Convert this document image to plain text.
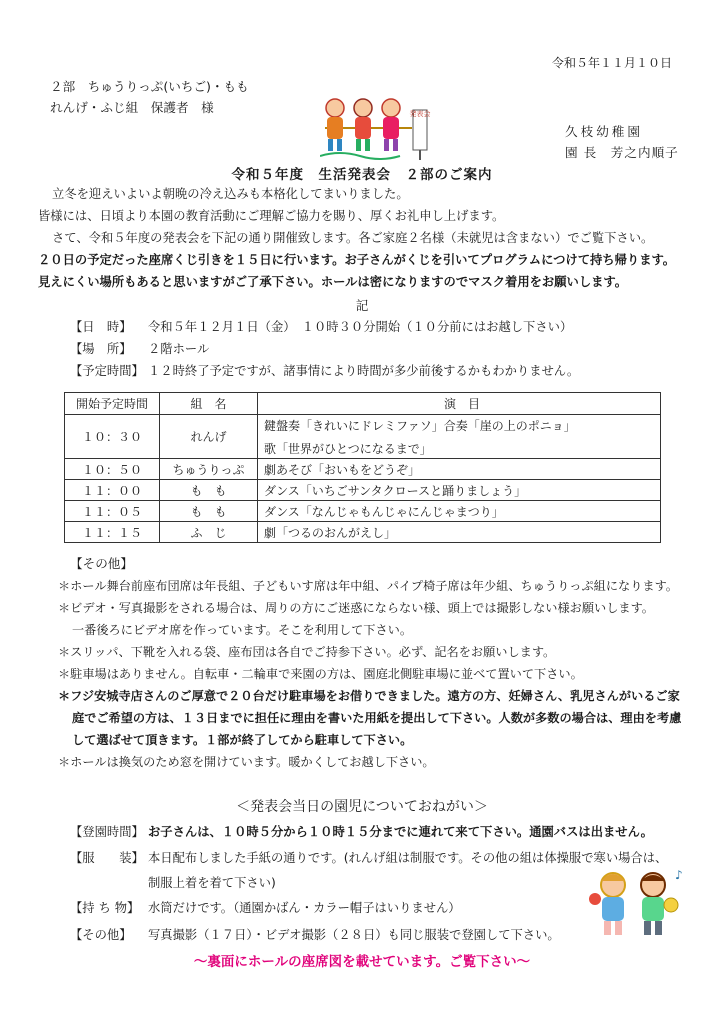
令和５年１１月１０日
２部　ちゅうりっぷ(いちご)・もも
れんげ・ふじ組　保護者　様	発表会
久枝幼稚園
園 長　芳之内順子
令和５年度　生活発表会　２部のご案内
立冬を迎えいよいよ朝晩の冷え込みも本格化してまいりました。
皆様には、日頃より本園の教育活動にご理解ご協力を賜り、厚くお礼申し上げます。
さて、令和５年度の発表会を下記の通り開催致します。各ご家庭２名様（未就児は含まない）でご覧下さい。
２０日の予定だった座席くじ引きを１５日に行います。お子さんがくじを引いてプログラムにつけて持ち帰ります。
見えにくい場所もあると思いますがご了承下さい。ホールは密になりますのでマスク着用をお願いします。
記
【日　時】 令和５年１２月１日（金）　１０時３０分開始（１０分前にはお越し下さい）
【場　所】 ２階ホール
【予定時間】 １２時終了予定ですが、諸事情により時間が多少前後するかもわかりません。
開始予定時間	組　名	演　目
１０：３０	れんげ	鍵盤奏「きれいにドレミファソ」合奏「崖の上のポニョ」
歌「世界がひとつになるまで」

１０：５０	ちゅうりっぷ	劇あそび「おいもをどうぞ」
１１：００	も　も	ダンス「いちごサンタクロースと踊りましょう」
１１：０５	も　も	ダンス「なんじゃもんじゃにんじゃまつり」
１１：１５	ふ　じ	劇「つるのおんがえし」
【その他】
＊ホール舞台前座布団席は年長組、子どもいす席は年中組、パイプ椅子席は年少組、ちゅうりっぷ組になります。
＊ビデオ・写真撮影をされる場合は、周りの方にご迷惑にならない様、頭上では撮影しない様お願いします。
一番後ろにビデオ席を作っています。そこを利用して下さい。
＊スリッパ、下靴を入れる袋、座布団は各自でご持参下さい。必ず、記名をお願いします。
＊駐車場はありません。自転車・二輪車で来園の方は、園庭北側駐車場に並べて置いて下さい。
＊フジ安城寺店さんのご厚意で２０台だけ駐車場をお借りできました。遠方の方、妊婦さん、乳児さんがいるご家
庭でご希望の方は、１３日までに担任に理由を書いた用紙を提出して下さい。人数が多数の場合は、理由を考慮
して選ばせて頂きます。１部が終了してから駐車して下さい。
＊ホールは換気のため窓を開けています。暖かくしてお越し下さい。
＜発表会当日の園児についておねがい＞
【登園時間】 お子さんは、１０時５分から１０時１５分までに連れて来て下さい。通園バスは出ません。
【服　　装】 本日配布しました手紙の通りです。(れんげ組は制服です。その他の組は体操服で寒い場合は、
制服上着を着て下さい)
【持 ち 物】 水筒だけです。（通園かばん・カラー帽子はいりません）
【その他】 写真撮影（１７日）・ビデオ撮影（２８日）も同じ服装で登園して下さい。
♪
～裏面にホールの座席図を載せています。ご覧下さい～
